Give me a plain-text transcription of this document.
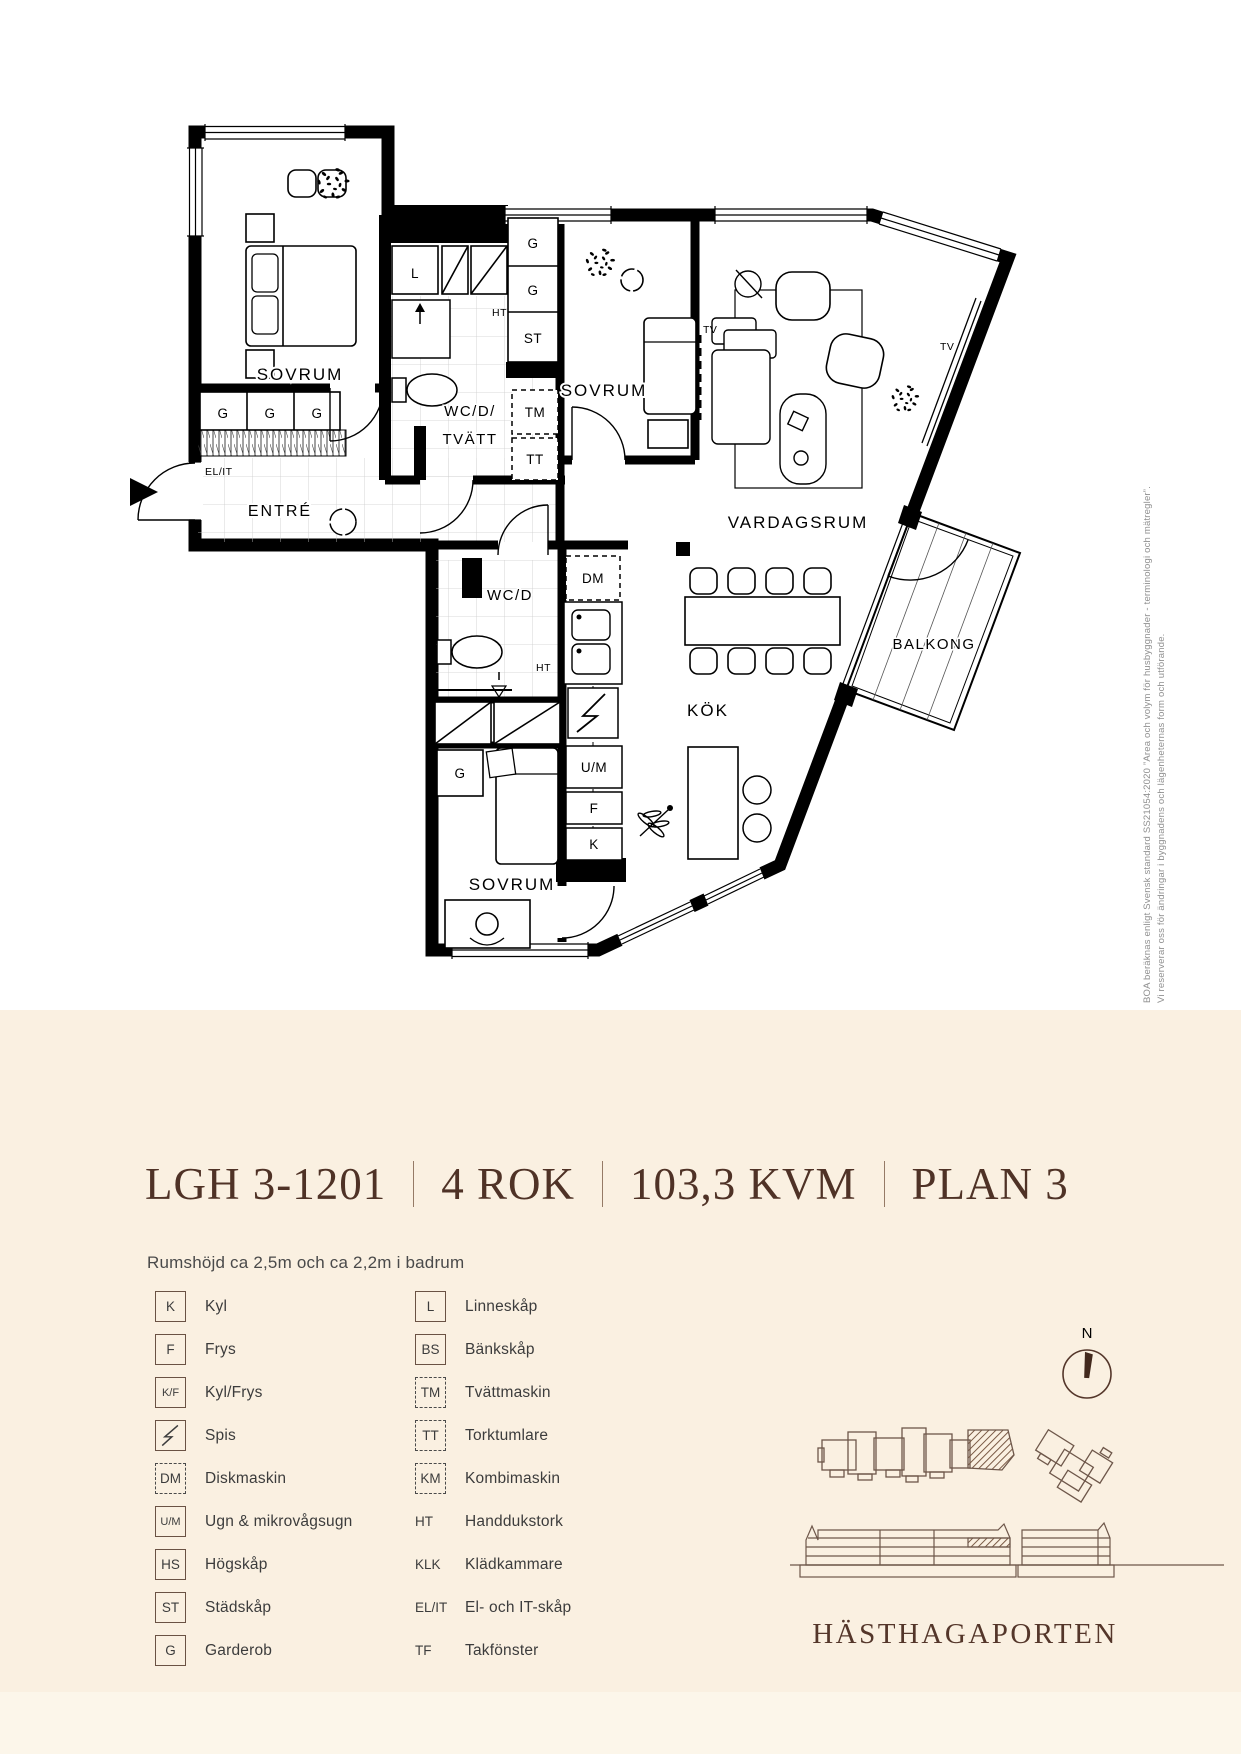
SOVRUM
SOVRUM
SOVRUM
WC/D/
TVÄTT
ENTRÉ
VARDAGSRUM
KÖK
WC/D
BALKONG
L
G	G	G
G
G
ST
TM
TT
HT
HT
EL/IT
DM
U/M
F
K
G
TV
TV
BOA beräknas enligt Svensk standard SS21054:2020 ”Area och volym för husbyggnader - terminologi och mätregler”. Vi reserverar oss för ändringar i byggnadens och lägenheternas form och utförande.
LGH 3-1201 4 ROK 103,3 KVM PLAN 3
Rumshöjd ca 2,5m och ca 2,2m i badrum
K	Kyl
F	Frys
K/F	Kyl/Frys
Spis
DM	Diskmaskin
U/M	Ugn & mikrovågsugn
HS	Högskåp
ST	Städskåp
G	Garderob
L	Linneskåp
BS	Bänkskåp
TM	Tvättmaskin
TT	Torktumlare
KM	Kombimaskin
HT	Handdukstork
KLK	Klädkammare
EL/IT El- och IT-skåp
TF	Takfönster
N
HÄSTHAGAPORTEN
